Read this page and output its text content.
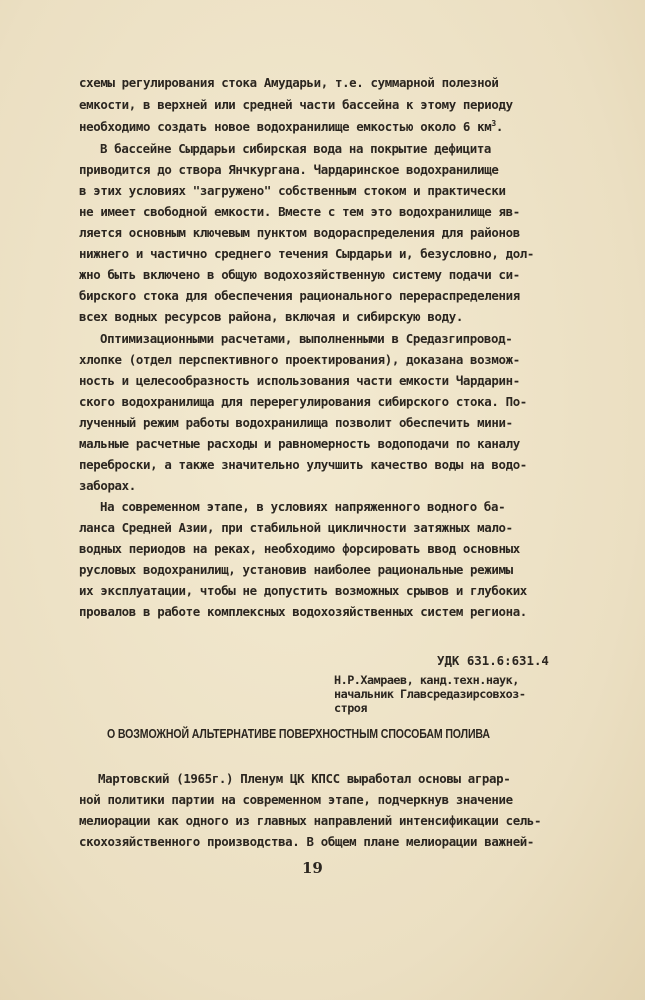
схемы регулирования стока Амударьи, т.е. суммарной полезной
емкости, в верхней или средней части бассейна к этому периоду
необходимо создать новое водохранилище емкостью около 6 $км^3$.
В бассейне Сырдарьи сибирская вода на покрытие дефицита
приводится до створа Янчкургана. Чардаринское водохранилище
в этих условиях "загружено" собственным стоком и практически
не имеет свободной емкости. Вместе с тем это водохранилище яв-
ляется основным ключевым пунктом водораспределения для районов
нижнего и частично среднего течения Сырдарьи и, безусловно, дол-
жно быть включено в общую водохозяйственную систему подачи си-
бирского стока для обеспечения рационального перераспределения
всех водных ресурсов района, включая и сибирскую воду.
Оптимизационными расчетами, выполненными в Средазгипровод-
хлопке (отдел перспективного проектирования), доказана возмож-
ность и целесообразность использования части емкости Чардарин-
ского водохранилища для перерегулирования сибирского стока. По-
лученный режим работы водохранилища позволит обеспечить мини-
мальные расчетные расходы и равномерность водоподачи по каналу
переброски, а также значительно улучшить качество воды на водо-
заборах.
На современном этапе, в условиях напряженного водного ба-
ланса Средней Азии, при стабильной цикличности затяжных мало-
водных периодов на реках, необходимо форсировать ввод основных
русловых водохранилищ, установив наиболее рациональные режимы
их эксплуатации, чтобы не допустить возможных срывов и глубоких
провалов в работе комплексных водохозяйственных систем региона.
УДК 631.6:631.4
Н.Р.Хамраев, канд.техн.наук,
начальник Главсредазирсовхоз-
строя
О ВОЗМОЖНОЙ АЛЬТЕРНАТИВЕ ПОВЕРХНОСТНЫМ СПОСОБАМ ПОЛИВА
Мартовский (1965г.) Пленум ЦК КПСС выработал основы аграр-
ной политики партии на современном этапе, подчеркнув значение
мелиорации как одного из главных направлений интенсификации сель-
скохозяйственного производства. В общем плане мелиорации важней-
19
